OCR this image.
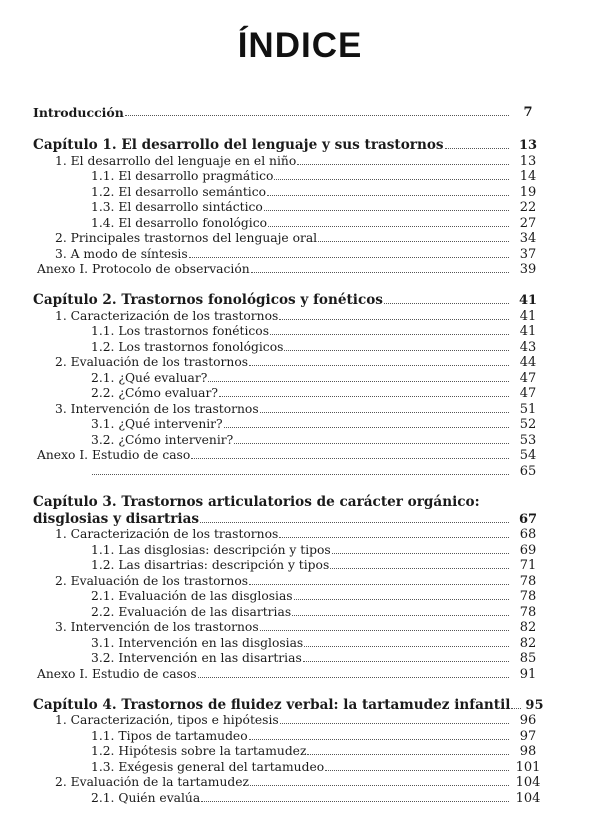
ÍNDICE
Introducción	7
Capítulo 1. El desarrollo del lenguaje y sus trastornos	13
1. El desarrollo del lenguaje en el niño	13
1.1. El desarrollo pragmático	14
1.2. El desarrollo semántico	19
1.3. El desarrollo sintáctico	22
1.4. El desarrollo fonológico	27
2. Principales trastornos del lenguaje oral	34
3. A modo de síntesis	37
Anexo I. Protocolo de observación	39
Capítulo 2. Trastornos fonológicos y fonéticos	41
1. Caracterización de los trastornos	41
1.1. Los trastornos fonéticos	41
1.2. Los trastornos fonológicos	43
2. Evaluación de los trastornos	44
2.1. ¿Qué evaluar?	47
2.2. ¿Cómo evaluar?	47
3. Intervención de los trastornos	51
3.1. ¿Qué intervenir?	52
3.2. ¿Cómo intervenir?	53
Anexo I. Estudio de caso	54
65
Capítulo 3. Trastornos articulatorios de carácter orgánico:
disglosias y disartrias	67
1. Caracterización de los trastornos	68
1.1. Las disglosias: descripción y tipos	69
1.2. Las disartrias: descripción y tipos	71
2. Evaluación de los trastornos	78
2.1. Evaluación de las disglosias	78
2.2. Evaluación de las disartrias	78
3. Intervención de los trastornos	82
3.1. Intervención en las disglosias	82
3.2. Intervención en las disartrias	85
Anexo I. Estudio de casos	91
Capítulo 4. Trastornos de fluidez verbal: la tartamudez infantil 95
1. Caracterización, tipos e hipótesis	96
1.1. Tipos de tartamudeo	97
1.2. Hipótesis sobre la tartamudez	98
1.3. Exégesis general del tartamudeo	101
2. Evaluación de la tartamudez	104
2.1. Quién evalúa	104
